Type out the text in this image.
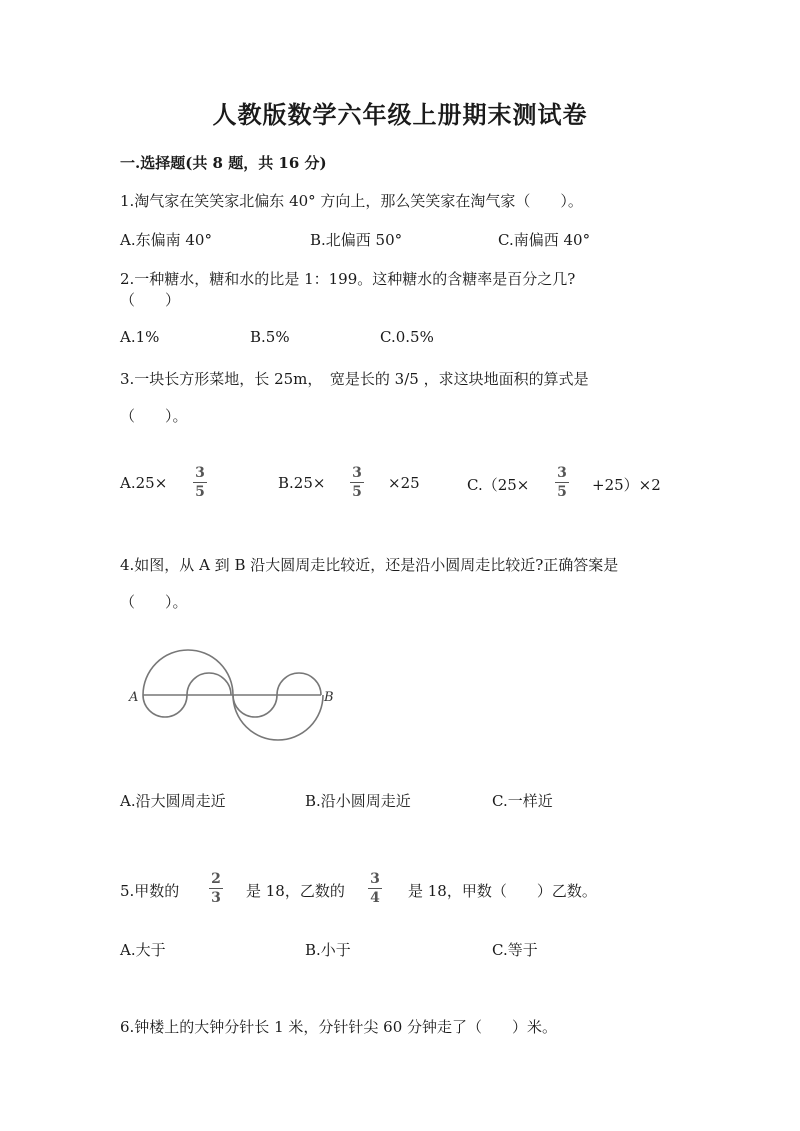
人教版数学六年级上册期末测试卷
一.选择题(共 8 题，共 16 分)
1.淘气家在笑笑家北偏东 40° 方向上，那么笑笑家在淘气家（　　）。
A.东偏南 40°	B.北偏西 50°	C.南偏西 40°
2.一种糖水，糖和水的比是 1：199。这种糖水的含糖率是百分之几?
（　　）
A.1%	B.5%	C.0.5%
3.一块长方形菜地，长 25m，　宽是长的 3/5 ，求这块地面积的算式是
（　　）。
A.25×
3
5	B.25×
3
5 ×25	C.（25×
3
5 +25）×2
4.如图，从 A 到 B 沿大圆周走比较近，还是沿小圆周走比较近?正确答案是
（　　）。
A	B
A.沿大圆周走近	B.沿小圆周走近	C.一样近
5.甲数的
2
3 是 18，乙数的
3
4 是 18，甲数（　　）乙数。
A.大于	B.小于	C.等于
6.钟楼上的大钟分针长 1 米，分针针尖 60 分钟走了（　　）米。
